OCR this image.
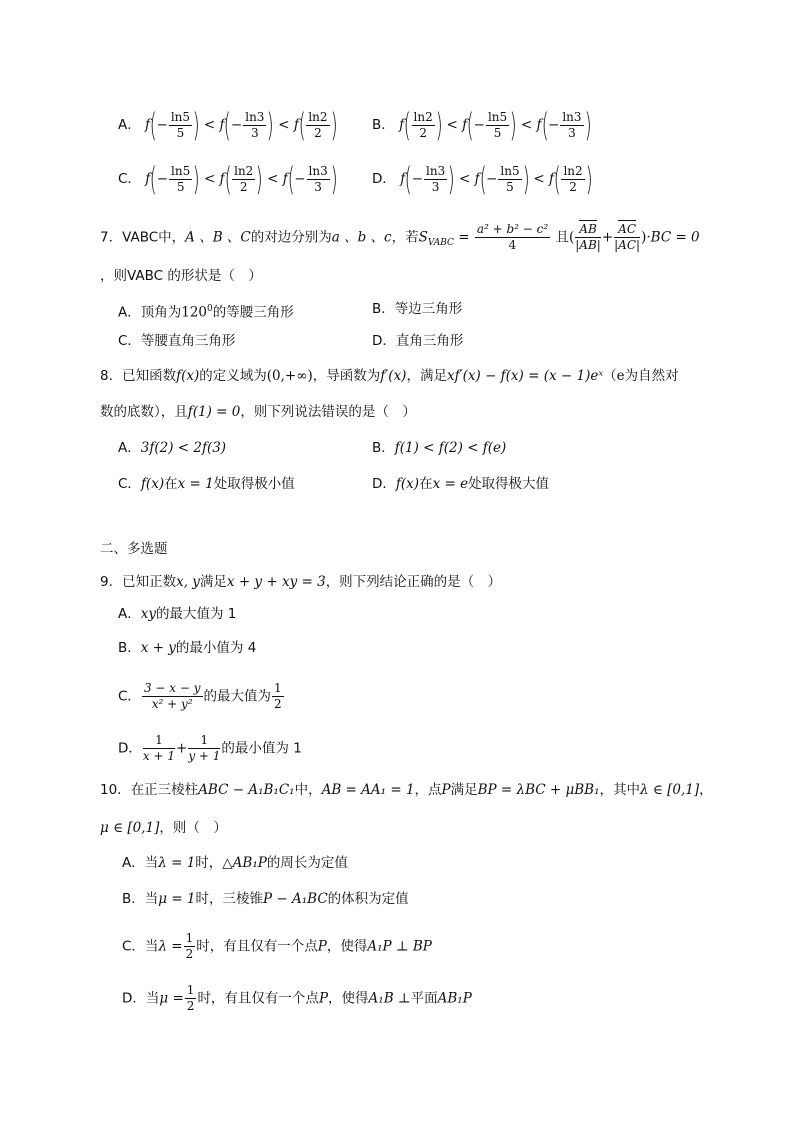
A． $f(- \frac{\ln 5}{5}$ ) < $f(- \frac{\ln 3}{3}$ ) < $f( \frac{\ln 2}{2}$ )	B． $f( \frac{\ln 2}{2}$ ) < $f(- \frac{\ln 5}{5}$ ) < $f(- \frac{\ln 3}{3}$ )
C． $f(- \frac{\ln 5}{5}$ ) < $f( \frac{\ln 2}{2}$ ) < $f(- \frac{\ln 3}{3}$ )	D． $f(- \frac{\ln 3}{3}$ ) < $f(- \frac{\ln 5}{5}$ ) < $f( \frac{\ln 2}{2}$ )
7．VABC中，A 、B 、C的对边分别为a 、b 、c，若$S_{VABC} = \frac{\text{a² + b² − c²}}{4}$ 且( $\frac{AB}{|AB|} + \frac{AC}{|AC|} )\cdot BC = 0$
，则VABC 的形状是（　）
A．顶角为$120^0$的等腰三角形	B．等边三角形
C．等腰直角三角形	D．直角三角形
8．已知函数f(x)的定义域为(0,+∞)，导函数为f′(x)，满足xf′(x) − f(x) = (x − 1)eˣ（e为自然对
数的底数），且f(1) = 0，则下列说法错误的是（　）
A．3f(2) < 2f(3)	B．f(1) < f(2) < f(e)
C．f(x)在x = 1处取得极小值	D．f(x)在x = e处取得极大值
二、多选题
9．已知正数x, y满足x + y + xy = 3，则下列结论正确的是（　）
A．xy的最大值为 1
B．x + y的最小值为 4
C． $\frac{3 - x - y}{\text{x² + y²}}$ 的最大值为 $\frac{1}{2}$
D． $\frac{1}{x + 1} + \frac{1}{y + 1}$ 的最小值为 1
10．在正三棱柱ABC − A₁B₁C₁中，AB = AA₁ = 1，点P满足BP = λBC + μBB₁，其中λ ∈ [0,1]，
μ ∈ [0,1]，则（　）
A．当λ = 1时，△AB₁P的周长为定值
B．当μ = 1时，三棱锥P − A₁BC的体积为定值
C．当$\lambda = \frac{1}{2}$ 时，有且仅有一个点P，使得A₁P ⊥ BP
D．当$\mu = \frac{1}{2}$ 时，有且仅有一个点P，使得A₁B ⊥平面AB₁P
